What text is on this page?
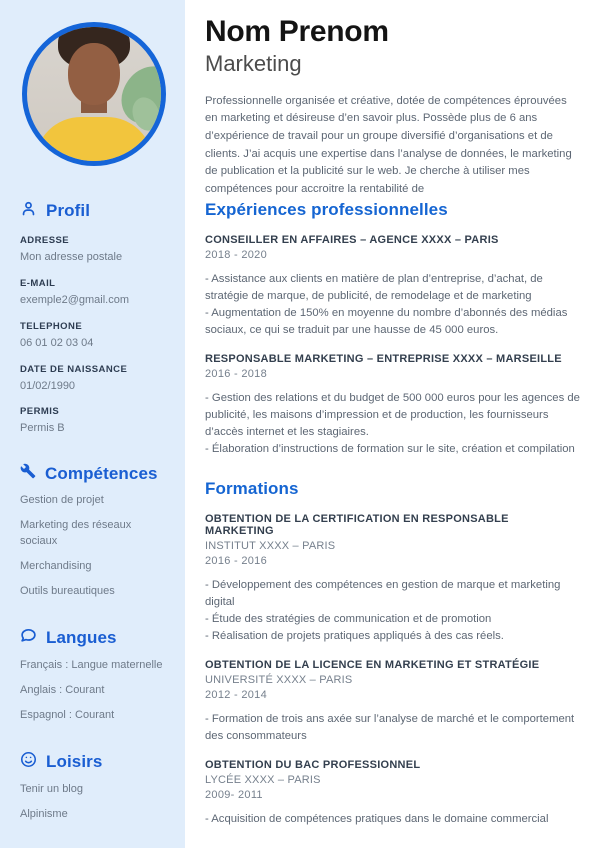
Profil
ADRESSE
Mon adresse postale
E-MAIL
exemple2@gmail.com
TELEPHONE
06 01 02 03 04
DATE DE NAISSANCE
01/02/1990
PERMIS
Permis B
Compétences
Gestion de projet
Marketing des réseaux sociaux
Merchandising
Outils bureautiques
Langues
Français : Langue maternelle
Anglais : Courant
Espagnol : Courant
Loisirs
Tenir un blog
Alpinisme
Nom Prenom
Marketing
Professionnelle organisée et créative, dotée de compétences éprouvées en marketing et désireuse d’en savoir plus. Possède plus de 6 ans d’expérience de travail pour un groupe diversifié d’organisations et de clients. J’ai acquis une expertise dans l’analyse de données, le marketing de publication et la publicité sur le web. Je cherche à utiliser mes compétences pour accroitre la rentabilité de
Expériences professionnelles
CONSEILLER EN AFFAIRES – AGENCE XXXX – PARIS
2018 - 2020
- Assistance aux clients en matière de plan d’entreprise, d’achat, de stratégie de marque, de publicité, de remodelage et de marketing
- Augmentation de 150% en moyenne du nombre d’abonnés des médias sociaux, ce qui se traduit par une hausse de 45 000 euros.
RESPONSABLE MARKETING – ENTREPRISE XXXX – MARSEILLE
2016 - 2018
- Gestion des relations et du budget de 500 000 euros pour les agences de publicité, les maisons d’impression et de production, les fournisseurs d’accès internet et les stagiaires.
- Élaboration d’instructions de formation sur le site, création et compilation
Formations
OBTENTION DE LA CERTIFICATION EN RESPONSABLE MARKETING
INSTITUT XXXX – PARIS
2016 - 2016
- Développement des compétences en gestion de marque et marketing digital
- Étude des stratégies de communication et de promotion
- Réalisation de projets pratiques appliqués à des cas réels.
OBTENTION DE LA LICENCE EN MARKETING ET STRATÉGIE
UNIVERSITÉ XXXX – PARIS
2012 - 2014
- Formation de trois ans axée sur l’analyse de marché et le comportement des consommateurs
OBTENTION DU BAC PROFESSIONNEL
LYCÉE XXXX – PARIS
2009- 2011
- Acquisition de compétences pratiques dans le domaine commercial
